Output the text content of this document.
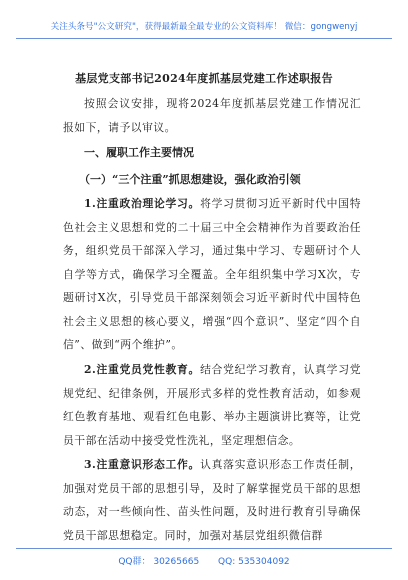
关注头条号"公文研究"，获得最新最全最专业的公文资料库！ 微信：gongwenyj
基层党支部书记2024年度抓基层党建工作述职报告
按照会议安排，现将2024年度抓基层党建工作情况汇报如下，请予以审议。
一、履职工作主要情况
（一）“三个注重”抓思想建设，强化政治引领
1.注重政治理论学习。将学习贯彻习近平新时代中国特色社会主义思想和党的二十届三中全会精神作为首要政治任务，组织党员干部深入学习，通过集中学习、专题研讨个人自学等方式，确保学习全覆盖。全年组织集中学习X次，专题研讨X次，引导党员干部深刻领会习近平新时代中国特色社会主义思想的核心要义，增强“四个意识”、坚定“四个自信”、做到“两个维护”。
2.注重党员党性教育。结合党纪学习教育，认真学习党规党纪、纪律条例，开展形式多样的党性教育活动，如参观红色教育基地、观看红色电影、举办主题演讲比赛等，让党员干部在活动中接受党性洗礼，坚定理想信念。
3.注重意识形态工作。认真落实意识形态工作责任制，加强对党员干部的思想引导，及时了解掌握党员干部的思想动态，对一些倾向性、苗头性问题，及时进行教育引导确保党员干部思想稳定。同时，加强对基层党组织微信群
QQ群： 30265665 QQ: 535304092
